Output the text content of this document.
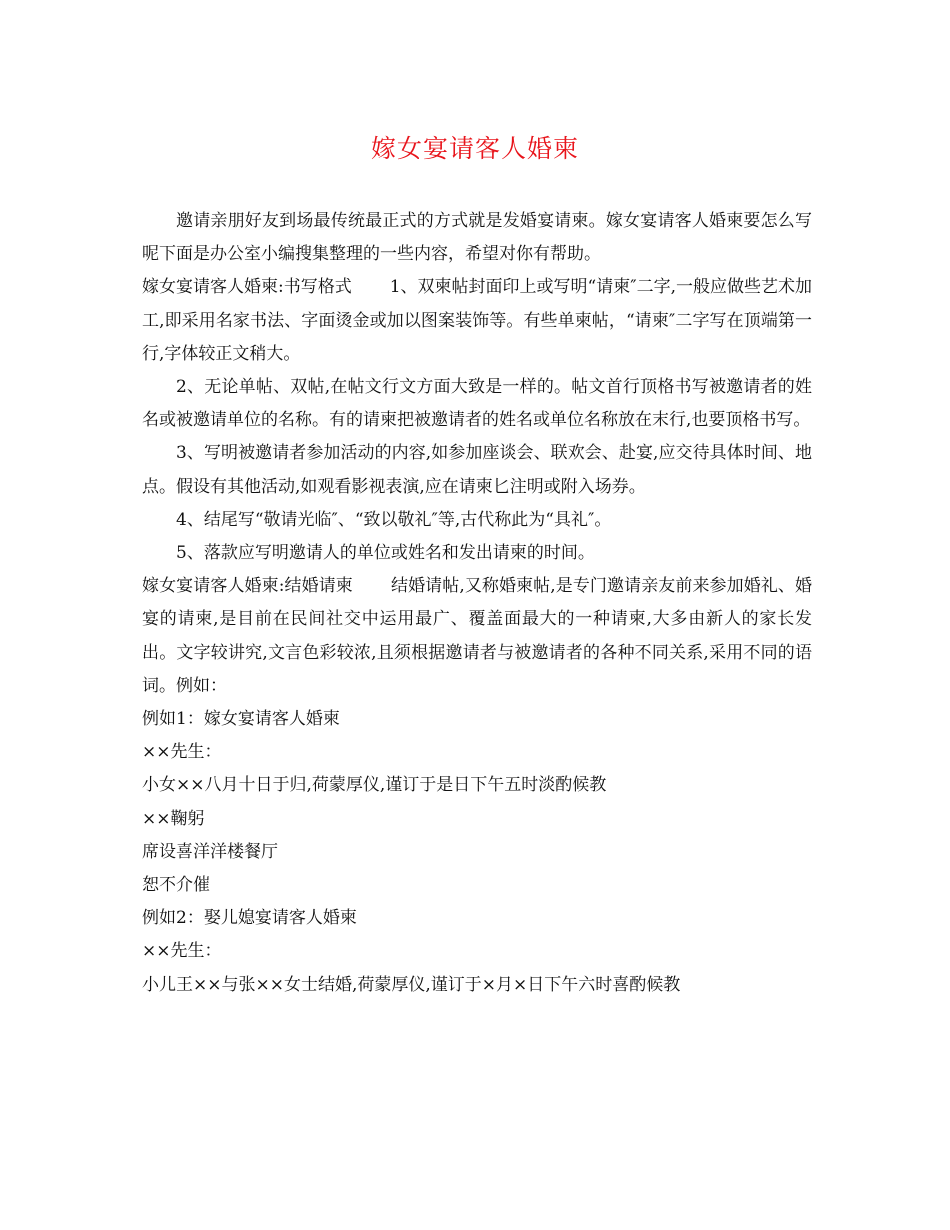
嫁女宴请客人婚柬

邀请亲朋好友到场最传统最正式的方式就是发婚宴请柬。嫁女宴请客人婚柬要怎么写呢下面是办公室小编搜集整理的一些内容，希望对你有帮助。

嫁女宴请客人婚柬:书写格式 1、双柬帖封面印上或写明“请柬″二字,一般应做些艺术加工,即采用名家书法、字面烫金或加以图案装饰等。有些单柬帖，“请柬″二字写在顶端第一行,字体较正文稍大。

2、无论单帖、双帖,在帖文行文方面大致是一样的。帖文首行顶格书写被邀请者的姓名或被邀请单位的名称。有的请柬把被邀请者的姓名或单位名称放在末行,也要顶格书写。

3、写明被邀请者参加活动的内容,如参加座谈会、联欢会、赴宴,应交待具体时间、地点。假设有其他活动,如观看影视表演,应在请柬匕注明或附入场券。

4、结尾写“敬请光临″、“致以敬礼″等,古代称此为“具礼″。

5、落款应写明邀请人的单位或姓名和发出请柬的时间。

嫁女宴请客人婚柬:结婚请柬 结婚请帖,又称婚柬帖,是专门邀请亲友前来参加婚礼、婚宴的请柬,是目前在民间社交中运用最广、覆盖面最大的一种请柬,大多由新人的家长发出。文字较讲究,文言色彩较浓,且须根据邀请者与被邀请者的各种不同关系,采用不同的语词。例如：

例如1：嫁女宴请客人婚柬

××先生：

小女××八月十日于归,荷蒙厚仪,谨订于是日下午五时淡酌候教

××鞠躬

席设喜洋洋楼餐厅

恕不介催

例如2：娶儿媳宴请客人婚柬

××先生：

小儿王××与张××女士结婚,荷蒙厚仪,谨订于×月×日下午六时喜酌候教
